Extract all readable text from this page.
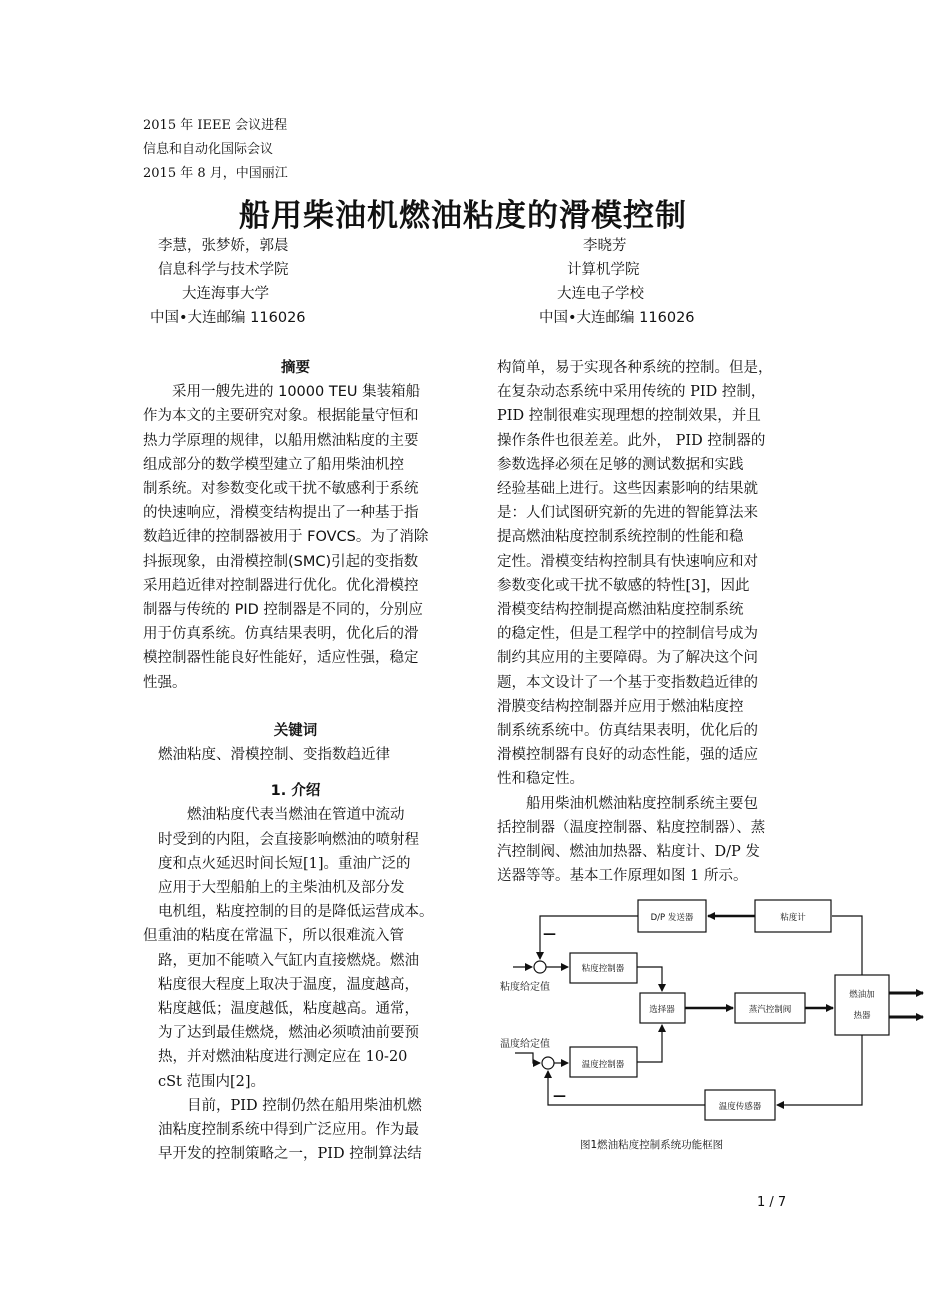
2015 年 IEEE 会议进程
信息和自动化国际会议
2015 年 8 月，中国丽江
船用柴油机燃油粘度的滑模控制
李慧，张梦娇，郭晨
信息科学与技术学院
大连海事大学
中国•大连邮编 116026
李晓芳
计算机学院
大连电子学校
中国•大连邮编 116026

摘要

采用一艘先进的 10000 TEU 集装箱船

作为本文的主要研究对象。根据能量守恒和

热力学原理的规律，以船用燃油粘度的主要

组成部分的数学模型建立了船用柴油机控

制系统。对参数变化或干扰不敏感利于系统

的快速响应，滑模变结构提出了一种基于指

数趋近律的控制器被用于 FOVCS。为了消除

抖振现象，由滑模控制(SMC)引起的变指数

采用趋近律对控制器进行优化。优化滑模控

制器与传统的 PID 控制器是不同的，分别应

用于仿真系统。仿真结果表明，优化后的滑

模控制器性能良好性能好，适应性强，稳定

性强。

关键词

燃油粘度、滑模控制、变指数趋近律

1. 介绍

燃油粘度代表当燃油在管道中流动

时受到的内阻，会直接影响燃油的喷射程

度和点火延迟时间长短[1]。重油广泛的

应用于大型船舶上的主柴油机及部分发

电机组，粘度控制的目的是降低运营成本。

但重油的粘度在常温下，所以很难流入管

路，更加不能喷入气缸内直接燃烧。燃油

粘度很大程度上取决于温度，温度越高，

粘度越低；温度越低，粘度越高。通常，

为了达到最佳燃烧，燃油必须喷油前要预

热，并对燃油粘度进行测定应在 10-20

cSt 范围内[2]。

目前，PID 控制仍然在船用柴油机燃

油粘度控制系统中得到广泛应用。作为最

早开发的控制策略之一，PID 控制算法结

构简单，易于实现各种系统的控制。但是，

在复杂动态系统中采用传统的 PID 控制，

PID 控制很难实现理想的控制效果，并且

操作条件也很差差。此外， PID 控制器的

参数选择必须在足够的测试数据和实践

经验基础上进行。这些因素影响的结果就

是：人们试图研究新的先进的智能算法来

提高燃油粘度控制系统控制的性能和稳

定性。滑模变结构控制具有快速响应和对

参数变化或干扰不敏感的特性[3]，因此

滑模变结构控制提高燃油粘度控制系统

的稳定性，但是工程学中的控制信号成为

制约其应用的主要障碍。为了解决这个问

题，本文设计了一个基于变指数趋近律的

滑膜变结构控制器并应用于燃油粘度控

制系统系统中。仿真结果表明，优化后的

滑模控制器有良好的动态性能，强的适应

性和稳定性。

船用柴油机燃油粘度控制系统主要包

括控制器（温度控制器、粘度控制器）、蒸

汽控制阀、燃油加热器、粘度计、D/P 发

送器等等。基本工作原理如图 1 所示。

D/P 发送器	粘度计
粘度控制器
选择器	蒸汽控制阀
燃油加
热器
温度控制器
温度传感器
粘度给定值
温度给定值
—
—
图1燃油粘度控制系统功能框图
1 / 7
